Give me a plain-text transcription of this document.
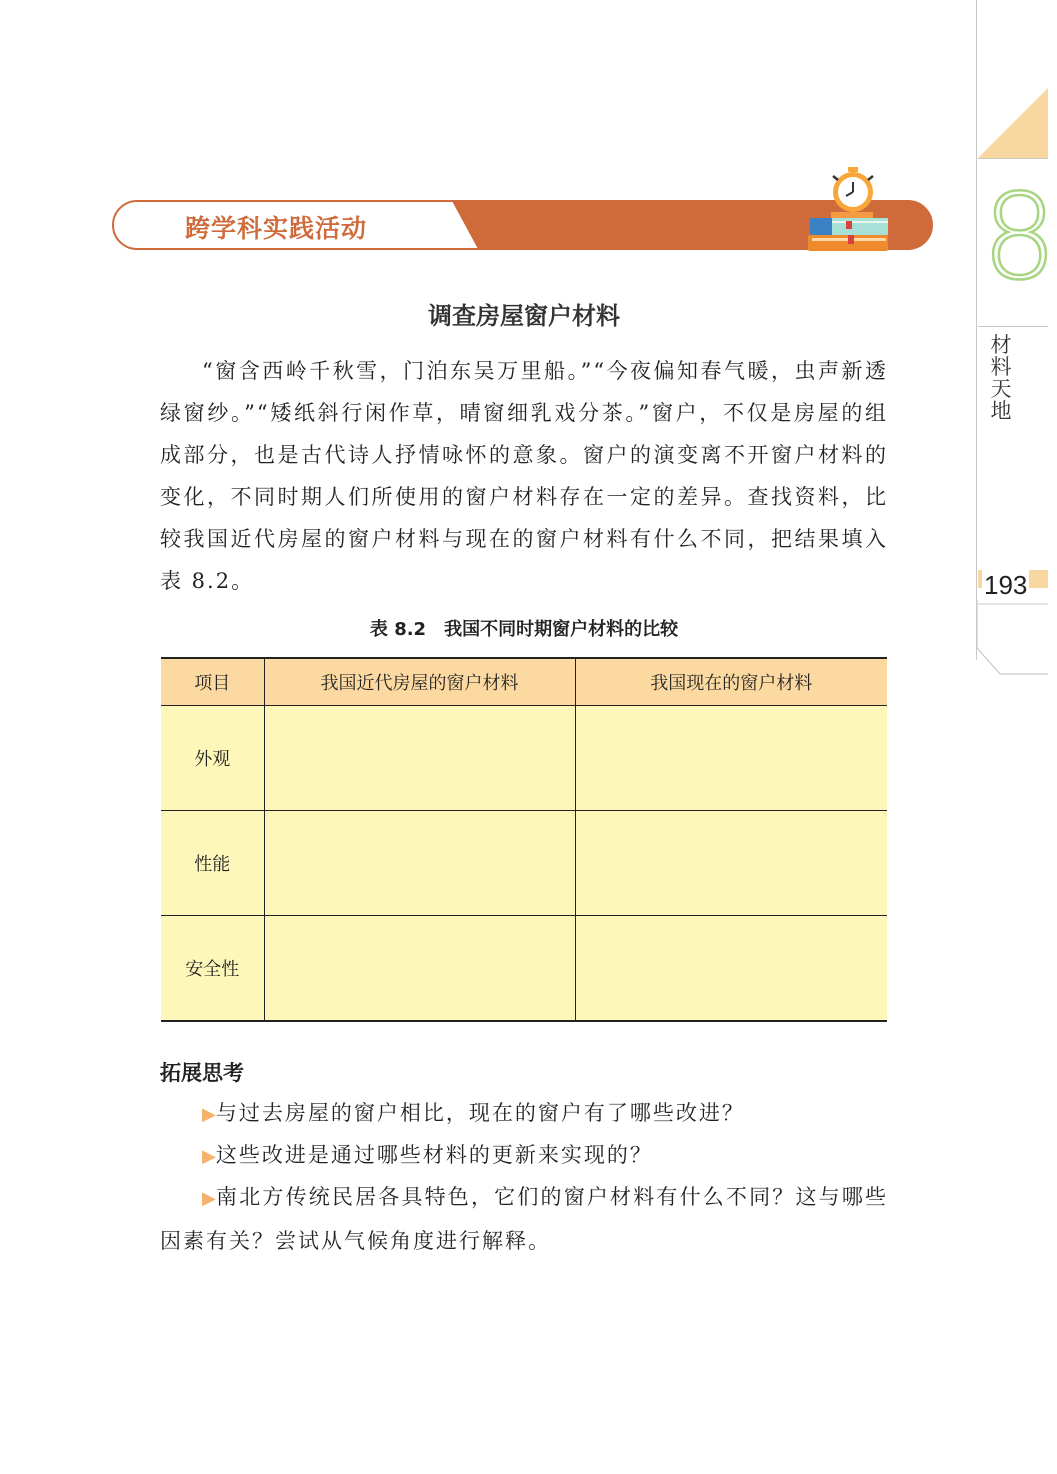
8
材料天地
193
跨学科实践活动
调查房屋窗户材料
“窗含西岭千秋雪，门泊东吴万里船。”“今夜偏知春气暖，虫声新透绿窗纱。”“矮纸斜行闲作草，晴窗细乳戏分茶。”窗户，不仅是房屋的组成部分，也是古代诗人抒情咏怀的意象。窗户的演变离不开窗户材料的变化，不同时期人们所使用的窗户材料存在一定的差异。查找资料，比较我国近代房屋的窗户材料与现在的窗户材料有什么不同，把结果填入表 8.2。
表 8.2　我国不同时期窗户材料的比较
项目	我国近代房屋的窗户材料	我国现在的窗户材料
外观		
性能		
安全性		
拓展思考
▶与过去房屋的窗户相比，现在的窗户有了哪些改进？
▶这些改进是通过哪些材料的更新来实现的？
▶南北方传统民居各具特色，它们的窗户材料有什么不同？这与哪些因素有关？尝试从气候角度进行解释。
